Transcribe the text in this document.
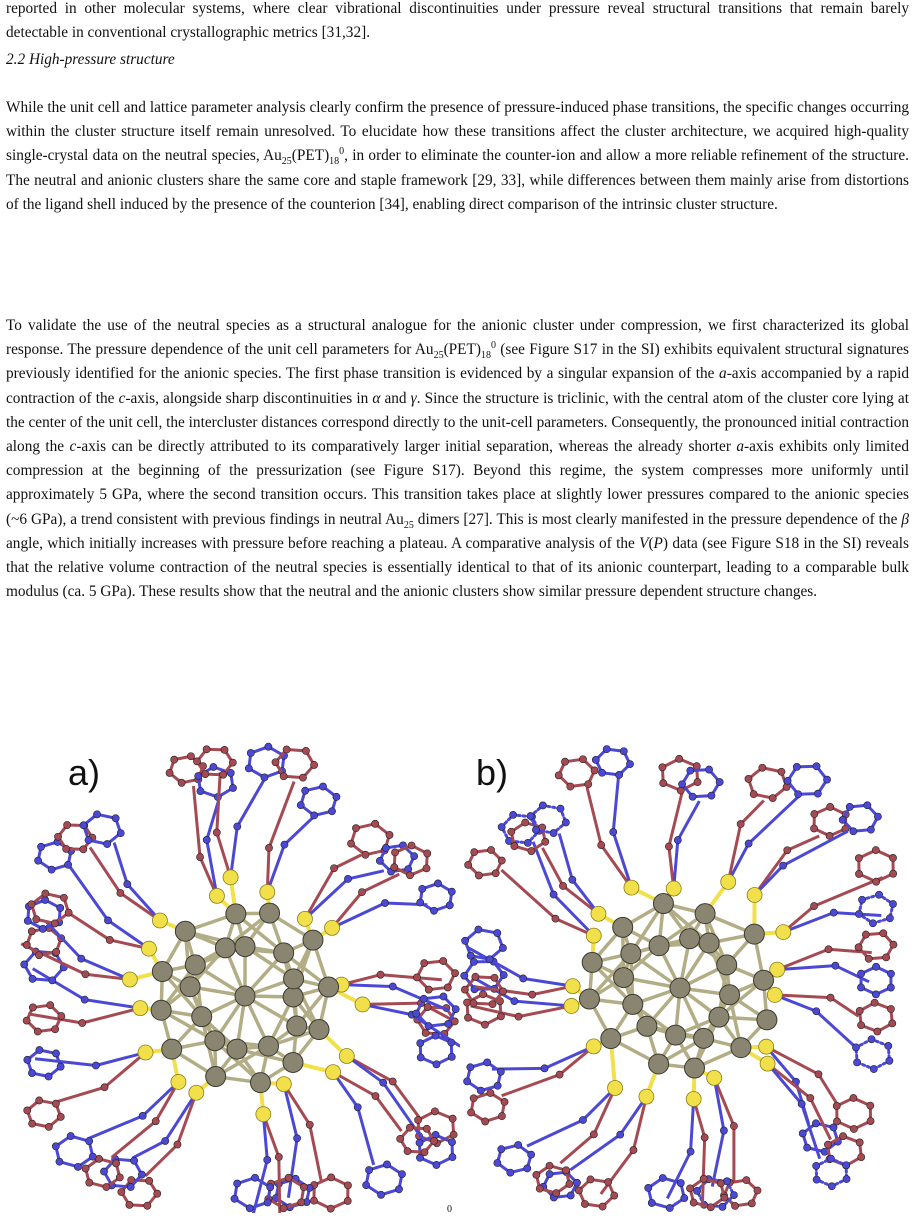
reported in other molecular systems, where clear vibrational discontinuities under pressure reveal structural transitions that remain barely detectable in conventional crystallographic metrics [31,32].

2.2 High-pressure structure

While the unit cell and lattice parameter analysis clearly confirm the presence of pressure-induced phase transitions, the specific changes occurring within the cluster structure itself remain unresolved. To elucidate how these transitions affect the cluster architecture, we acquired high-quality single-crystal data on the neutral species, $Au_{25}(PET)_{18}^0$, in order to eliminate the counter-ion and allow a more reliable refinement of the structure. The neutral and anionic clusters share the same core and staple framework [29, 33], while differences between them mainly arise from distortions of the ligand shell induced by the presence of the counterion [34], enabling direct comparison of the intrinsic cluster structure.

To validate the use of the neutral species as a structural analogue for the anionic cluster under compression, we first characterized its global response. The pressure dependence of the unit cell parameters for $Au_{25}(PET)_{18}^0$ (see Figure S17 in the SI) exhibits equivalent structural signatures previously identified for the anionic species. The first phase transition is evidenced by a singular expansion of the a-axis accompanied by a rapid contraction of the c-axis, alongside sharp discontinuities in α and γ. Since the structure is triclinic, with the central atom of the cluster core lying at the center of the unit cell, the intercluster distances correspond directly to the unit-cell parameters. Consequently, the pronounced initial contraction along the c-axis can be directly attributed to its comparatively larger initial separation, whereas the already shorter a-axis exhibits only limited compression at the beginning of the pressurization (see Figure S17). Beyond this regime, the system compresses more uniformly until approximately 5 GPa, where the second transition occurs. This transition takes place at slightly lower pressures compared to the anionic species (~6 GPa), a trend consistent with previous findings in neutral $Au_{25}$ dimers [27]. This is most clearly manifested in the pressure dependence of the β angle, which initially increases with pressure before reaching a plateau. A comparative analysis of the V(P) data (see Figure S18 in the SI) reveals that the relative volume contraction of the neutral species is essentially identical to that of its anionic counterpart, leading to a comparable bulk modulus (ca. 5 GPa). These results show that the neutral and the anionic clusters show similar pressure dependent structure changes.

a)	b)
0
